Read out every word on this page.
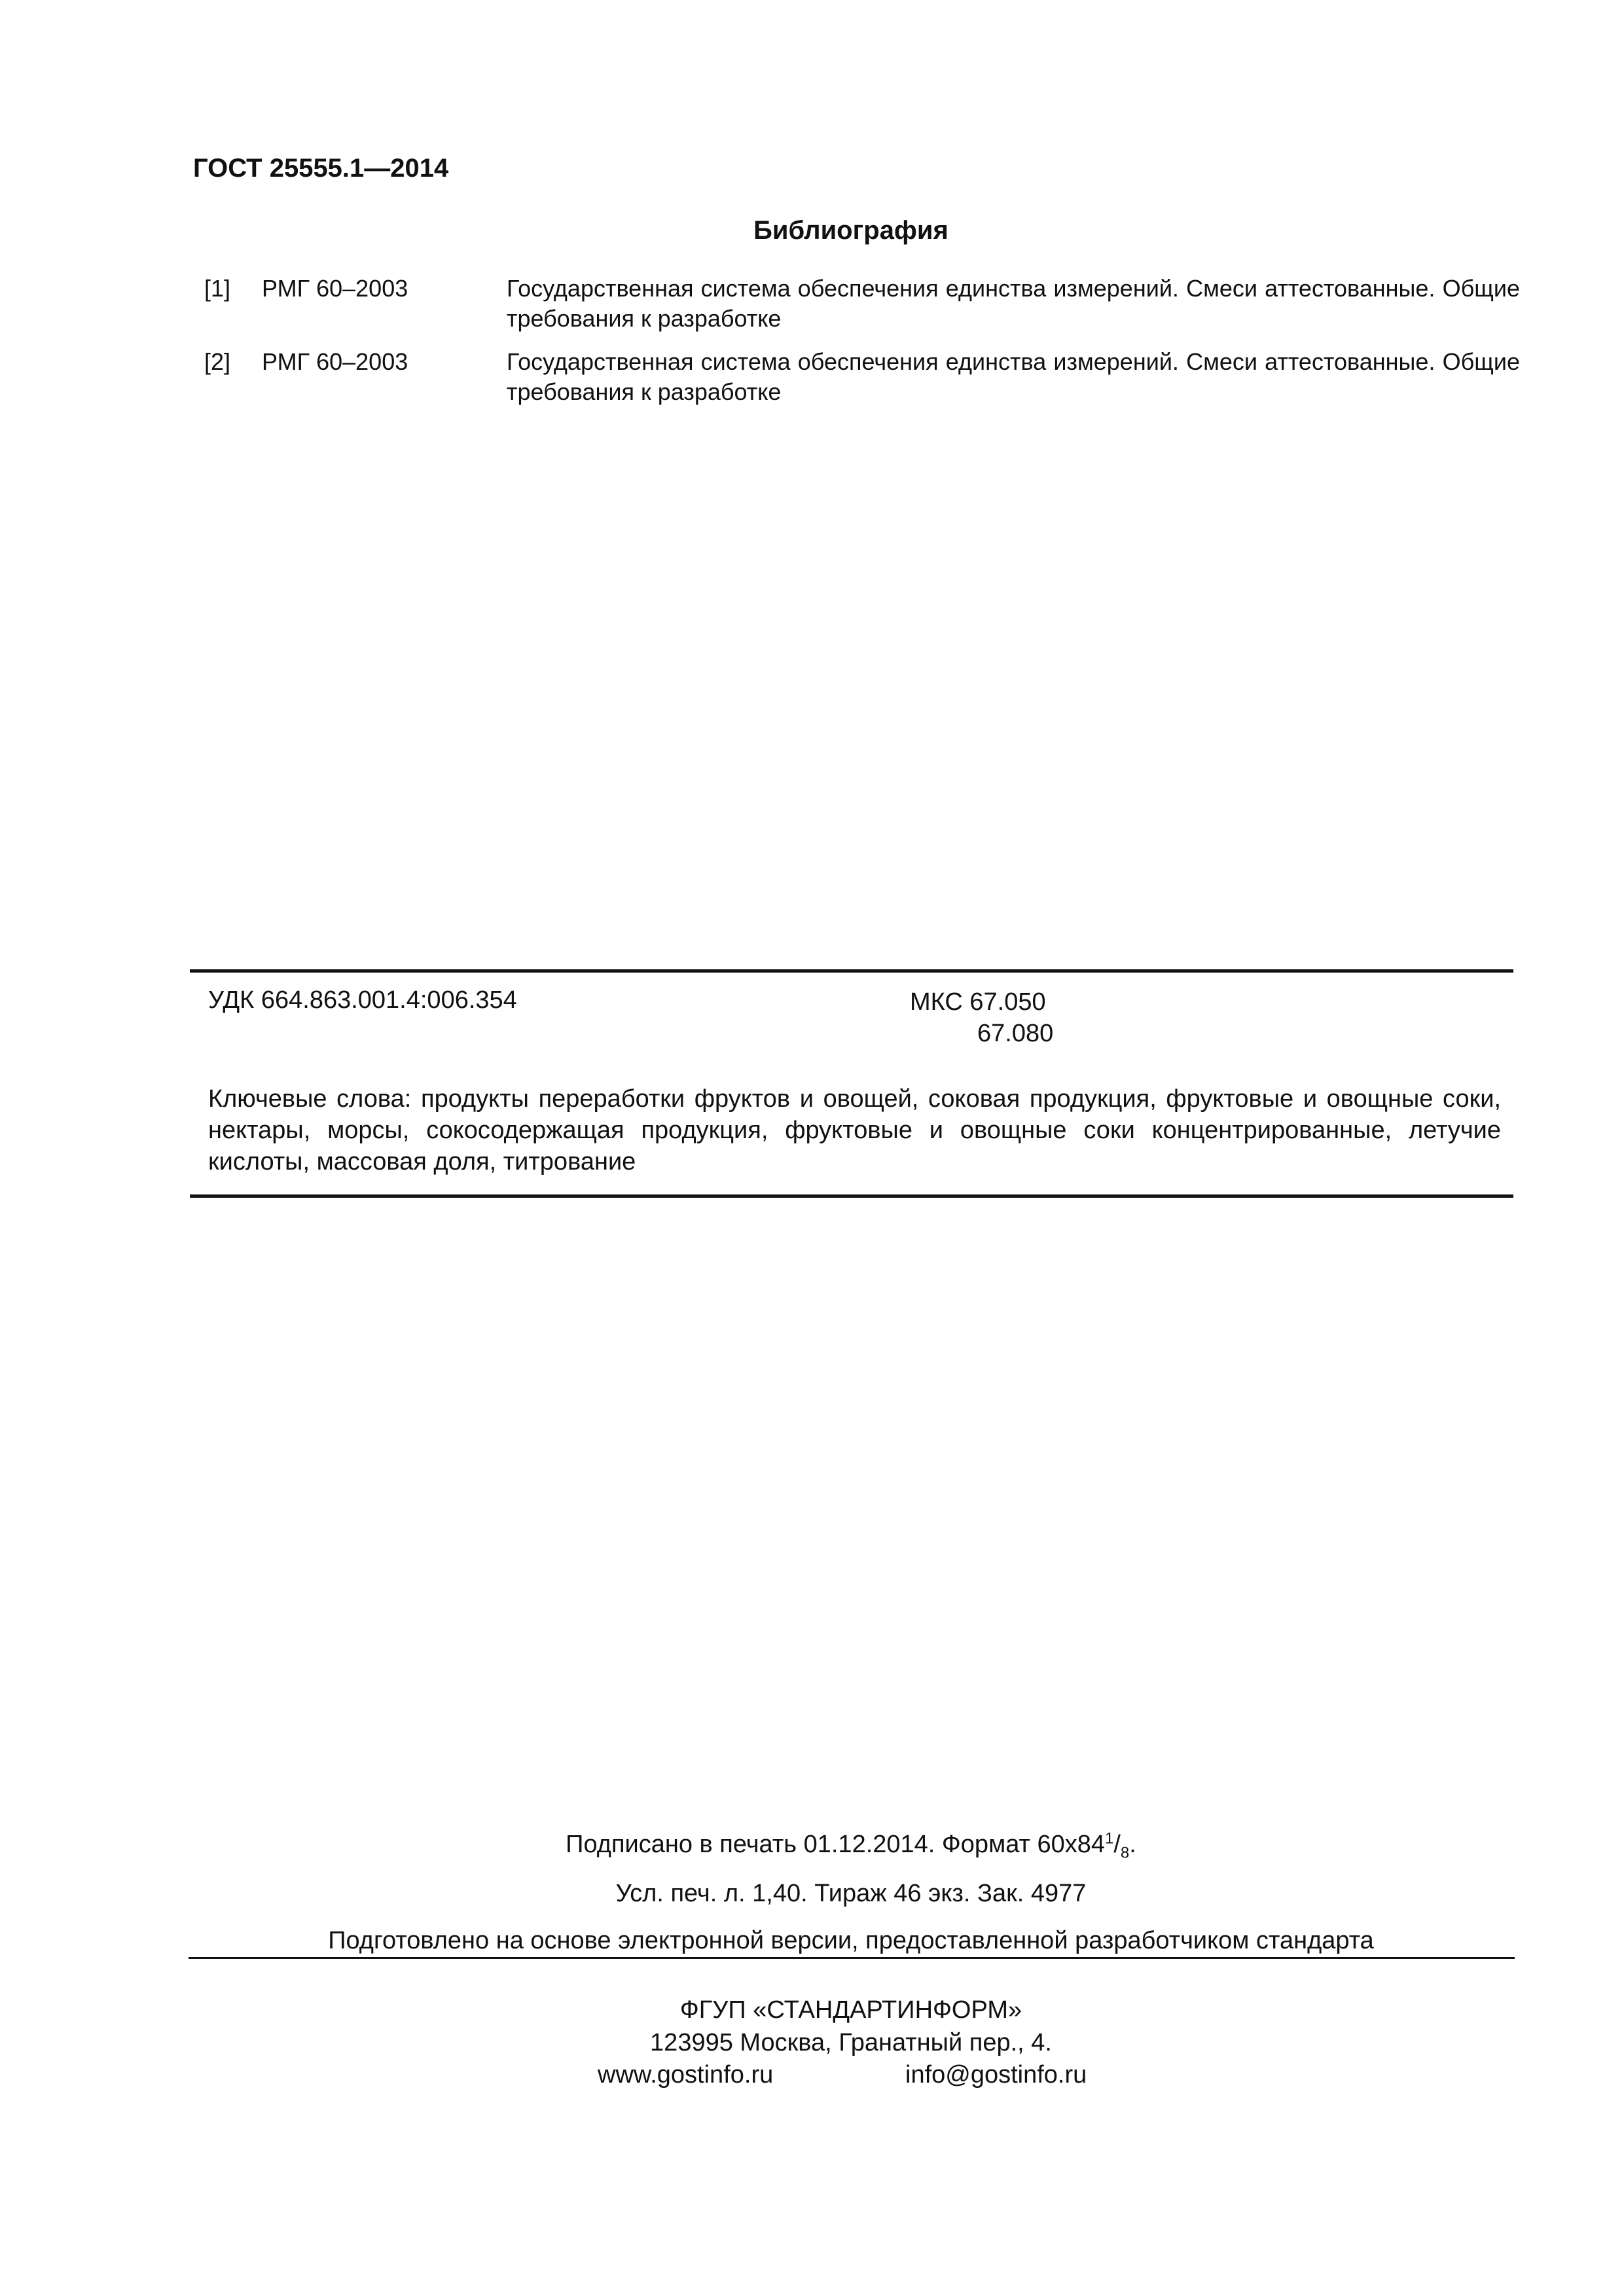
ГОСТ 25555.1—2014
Библиография
[1] РМГ 60–2003	Государственная система обеспечения единства измерений. Смеси аттестованные. Общие требования к разработке
[2] РМГ 60–2003	Государственная система обеспечения единства измерений. Смеси аттестованные. Общие требования к разработке
УДК 664.863.001.4:006.354	МКС 67.050
67.080
Ключевые слова: продукты переработки фруктов и овощей, соковая продукция, фруктовые и овощные соки, нектары, морсы, сокосодержащая продукция, фруктовые и овощные соки концентрированные, летучие кислоты, массовая доля, титрование
Подписано в печать 01.12.2014. Формат $60x84^1/_8$.
Усл. печ. л. 1,40. Тираж 46 экз. Зак. 4977
Подготовлено на основе электронной версии, предоставленной разработчиком стандарта
ФГУП «СТАНДАРТИНФОРМ»
123995 Москва, Гранатный пер., 4.
www.gostinfo.ru	info@gostinfo.ru
